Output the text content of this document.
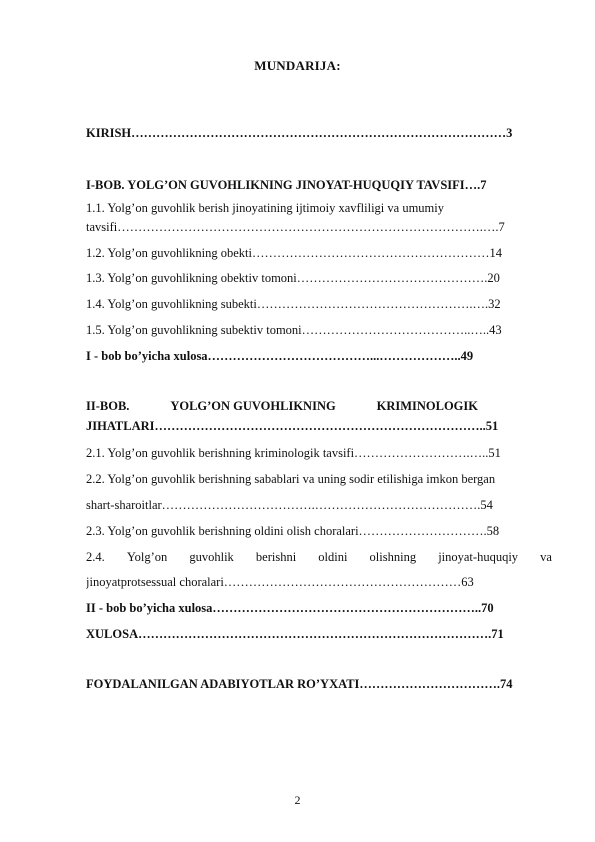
MUNDARIJA:
KIRISH………………………………………………………………………………3
I-BOB. YOLG’ON GUVOHLIKNING JINOYAT-HUQUQIY TAVSIFI….7
1.1. Yolg’on guvohlik berish jinoyatining ijtimoiy xavfliligi va umumiy
tavsifi…………………………………………………………………………….….7
1.2. Yolg’on guvohlikning obekti…………………………………………………14
1.3. Yolg’on guvohlikning obektiv tomoni……………………………………….20
1.4. Yolg’on guvohlikning subekti…………………………………………….….32
1.5. Yolg’on guvohlikning subektiv tomoni…………………………………..…..43
I - bob bo’yicha xulosa…………………………………...………………..49
II-BOB.	YOLG’ON GUVOHLIKNING	KRIMINOLOGIK
JIHATLARI……………………………………………………………………..51
2.1. Yolg’on guvohlik berishning kriminologik tavsifi……………………….…..51
2.2. Yolg’on guvohlik berishning sabablari va uning sodir etilishiga imkon bergan
shart-sharoitlar……………………………….………………………………….54
2.3. Yolg’on guvohlik berishning oldini olish choralari………………………….58
2.4. Yolg’on guvohlik berishni oldini olishning jinoyat-huquqiy va
jinoyatprotsessual choralari…………………………………………………63
II - bob bo’yicha xulosa………………………………………………………..70
XULOSA………………………………………………………………………….71
FOYDALANILGAN ADABIYOTLAR RO’YXATI…………………………….74
2
